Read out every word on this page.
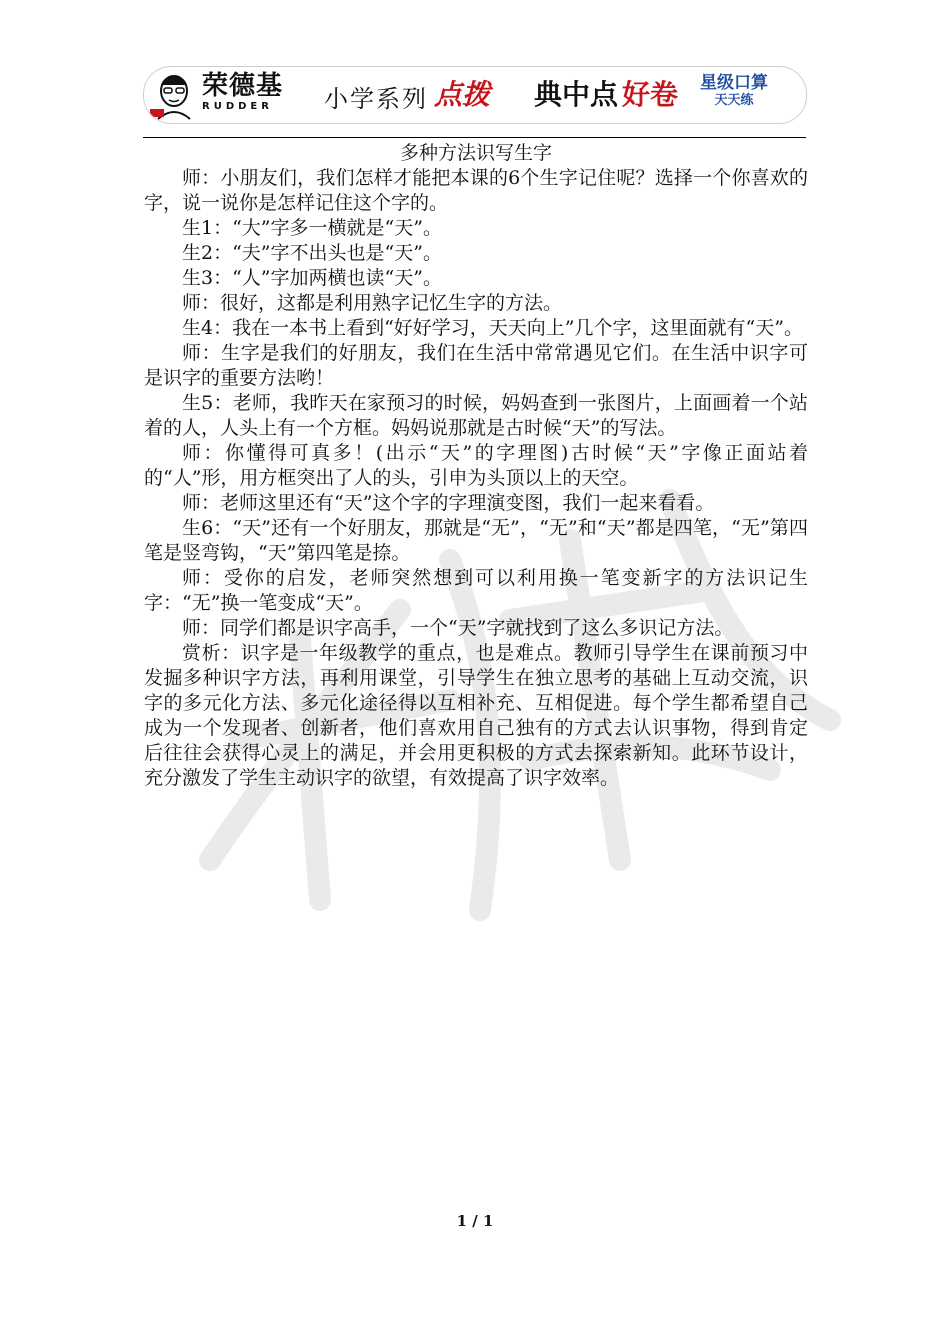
荣德基
RUDDER	小学系列 点拨 典中点 好卷 星级口算
天天练

多种方法识写生字

师：小朋友们，我们怎样才能把本课的6个生字记住呢？选择一个你喜欢的字，说一说你是怎样记住这个字的。

生1：“大”字多一横就是“天”。

生2：“夫”字不出头也是“天”。

生3：“人”字加两横也读“天”。

师：很好，这都是利用熟字记忆生字的方法。

生4：我在一本书上看到“好好学习，天天向上”几个字，这里面就有“天”。

师：生字是我们的好朋友，我们在生活中常常遇见它们。在生活中识字可是识字的重要方法哟！

生5：老师，我昨天在家预习的时候，妈妈查到一张图片，上面画着一个站着的人，人头上有一个方框。妈妈说那就是古时候“天”的写法。

师：你懂得可真多！(出示“天”的字理图)古时候“天”字像正面站着的“人”形，用方框突出了人的头，引申为头顶以上的天空。

师：老师这里还有“天”这个字的字理演变图，我们一起来看看。

生6：“天”还有一个好朋友，那就是“无”，“无”和“天”都是四笔，“无”第四笔是竖弯钩，“天”第四笔是捺。

师：受你的启发，老师突然想到可以利用换一笔变新字的方法识记生字：“无”换一笔变成“天”。

师：同学们都是识字高手，一个“天”字就找到了这么多识记方法。

赏析：识字是一年级教学的重点，也是难点。教师引导学生在课前预习中发掘多种识字方法，再利用课堂，引导学生在独立思考的基础上互动交流，识字的多元化方法、多元化途径得以互相补充、互相促进。每个学生都希望自己成为一个发现者、创新者，他们喜欢用自己独有的方式去认识事物，得到肯定后往往会获得心灵上的满足，并会用更积极的方式去探索新知。此环节设计，充分激发了学生主动识字的欲望，有效提高了识字效率。

1 / 1
